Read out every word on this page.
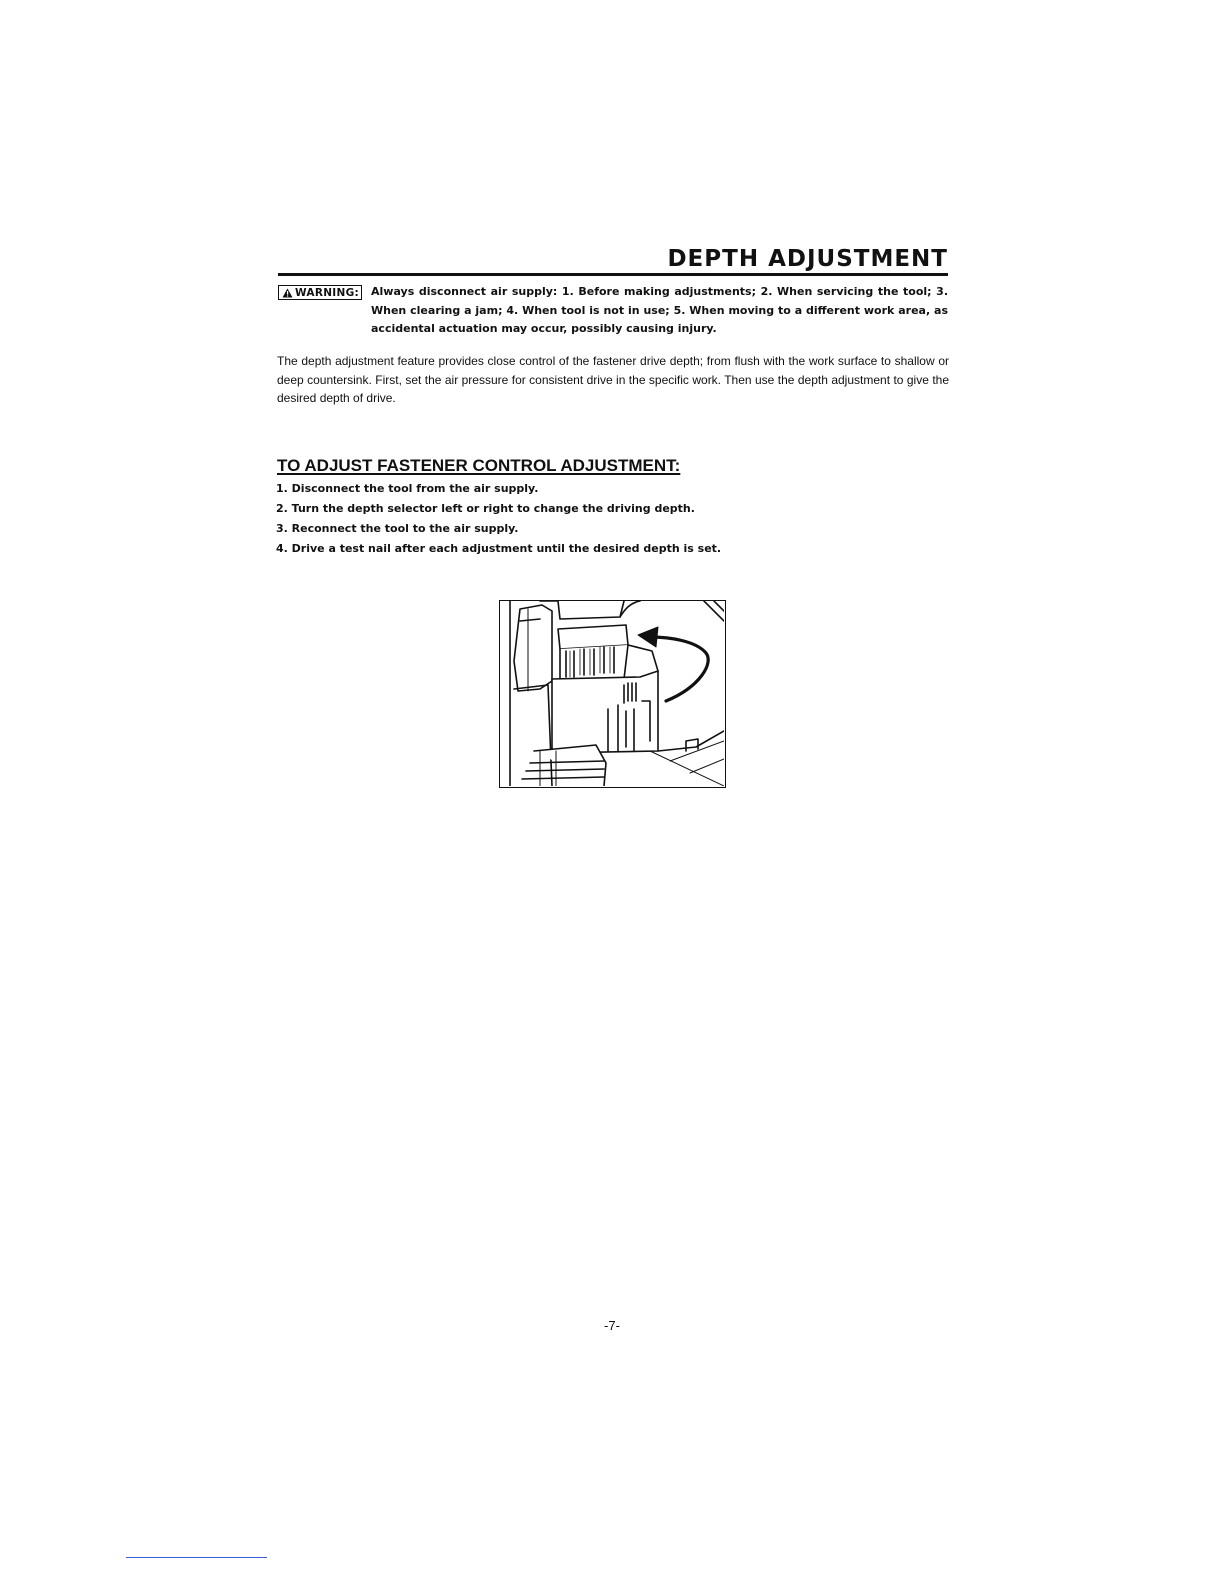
DEPTH ADJUSTMENT
WARNING: Always disconnect air supply: 1. Before making adjustments; 2. When servicing the tool; 3. When clearing a jam; 4. When tool is not in use; 5. When moving to a different work area, as accidental actuation may occur, possibly causing injury.

The depth adjustment feature provides close control of the fastener drive depth; from flush with the work surface to shallow or deep countersink. First, set the air pressure for consistent drive in the specific work. Then use the depth adjustment to give the desired depth of drive.

TO ADJUST FASTENER CONTROL ADJUSTMENT:
1. Disconnect the tool from the air supply.
2. Turn the depth selector left or right to change the driving depth.
3. Reconnect the tool to the air supply.
4. Drive a test nail after each adjustment until the desired depth is set.

-7-
